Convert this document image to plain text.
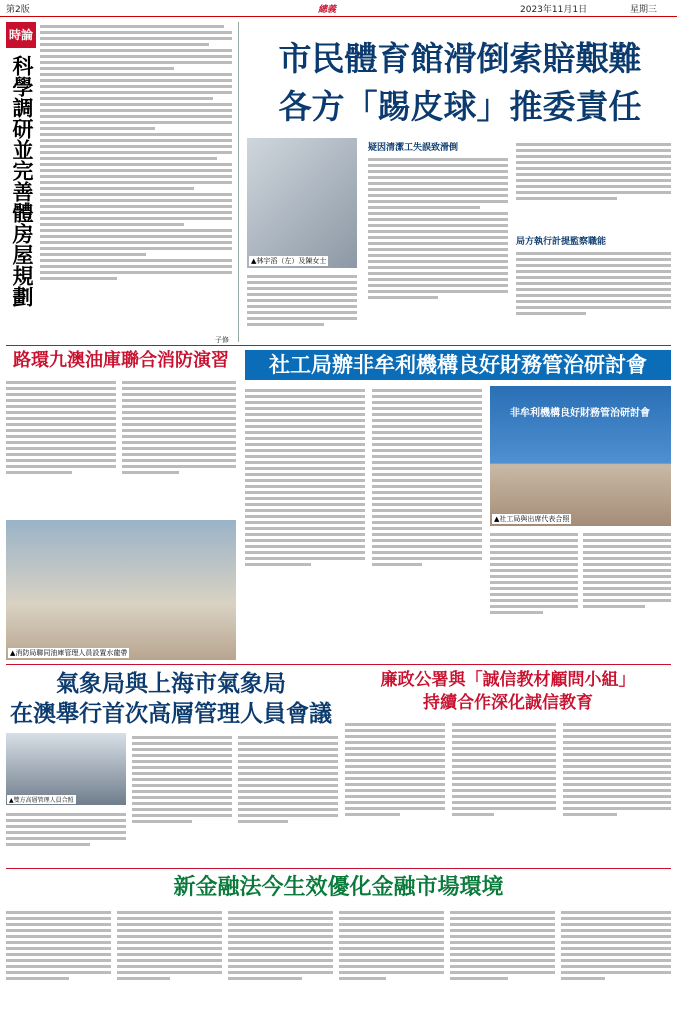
第2版	總義	2023年11月1日	星期三
時論
科學調研並完善體房屋規劃
子修
市民體育館滑倒索賠艱難
各方「踢皮球」推委責任
▲林宇滔（左）及陳女士
疑因清潔工失誤致滑倒
局方執行計提監察職能
路環九澳油庫聯合消防演習
▲消防局聯同油庫管理人員設置水龍帶
社工局辦非牟利機構良好財務管治研討會
非牟利機構良好財務管治研討會
▲社工局與出席代表合照
氣象局與上海市氣象局
在澳舉行首次高層管理人員會議
▲雙方高層管理人員合照
廉政公署與「誠信教材顧問小組」
持續合作深化誠信教育
新金融法今生效優化金融市場環境
